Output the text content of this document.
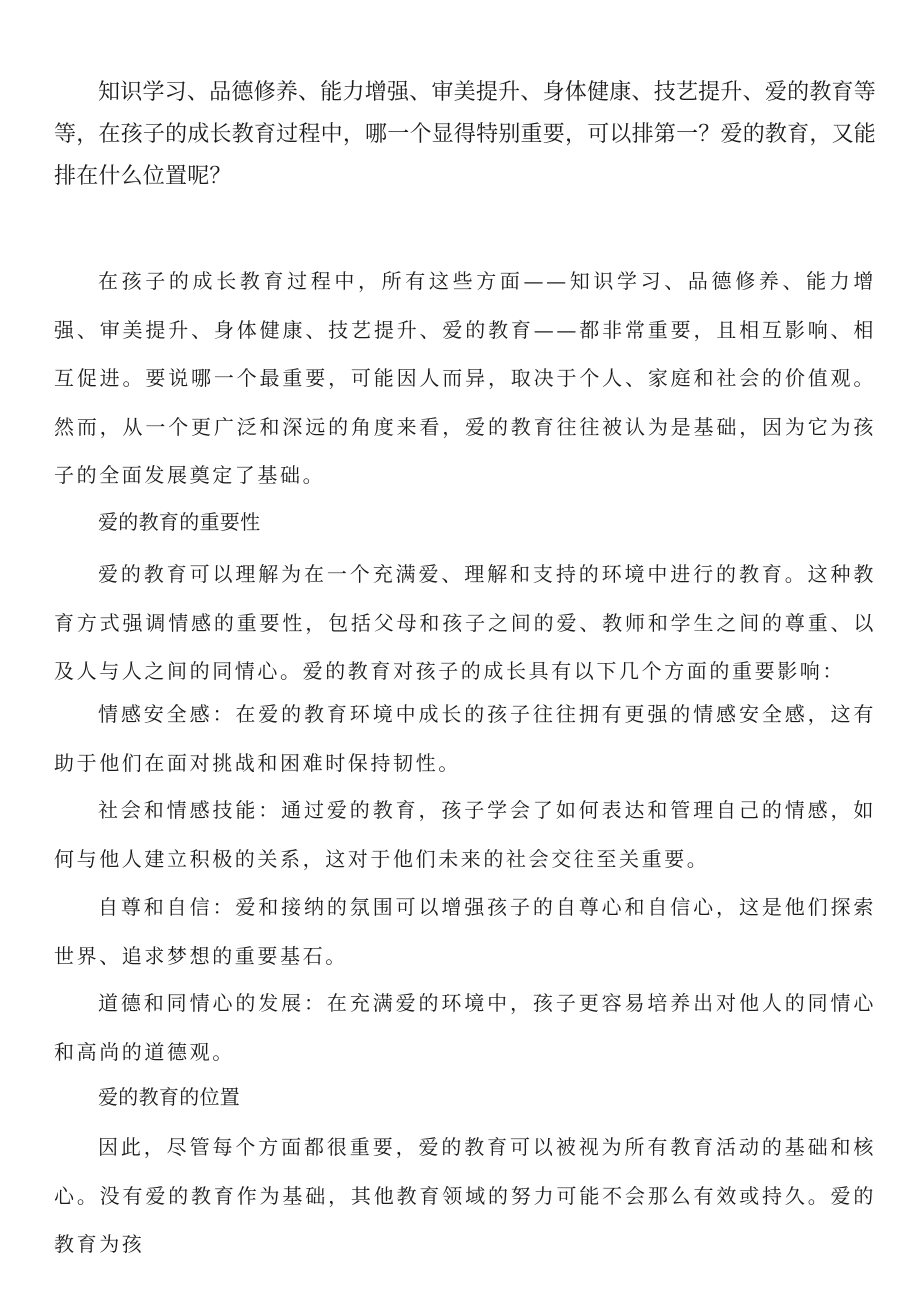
知识学习、品德修养、能力增强、审美提升、身体健康、技艺提升、爱的教育等等，在孩子的成长教育过程中，哪一个显得特别重要，可以排第一？爱的教育，又能排在什么位置呢？

在孩子的成长教育过程中，所有这些方面——知识学习、品德修养、能力增强、审美提升、身体健康、技艺提升、爱的教育——都非常重要，且相互影响、相互促进。要说哪一个最重要，可能因人而异，取决于个人、家庭和社会的价值观。然而，从一个更广泛和深远的角度来看，爱的教育往往被认为是基础，因为它为孩子的全面发展奠定了基础。

爱的教育的重要性

爱的教育可以理解为在一个充满爱、理解和支持的环境中进行的教育。这种教育方式强调情感的重要性，包括父母和孩子之间的爱、教师和学生之间的尊重、以及人与人之间的同情心。爱的教育对孩子的成长具有以下几个方面的重要影响：

情感安全感：在爱的教育环境中成长的孩子往往拥有更强的情感安全感，这有助于他们在面对挑战和困难时保持韧性。

社会和情感技能：通过爱的教育，孩子学会了如何表达和管理自己的情感，如何与他人建立积极的关系，这对于他们未来的社会交往至关重要。

自尊和自信：爱和接纳的氛围可以增强孩子的自尊心和自信心，这是他们探索世界、追求梦想的重要基石。

道德和同情心的发展：在充满爱的环境中，孩子更容易培养出对他人的同情心和高尚的道德观。

爱的教育的位置

因此，尽管每个方面都很重要，爱的教育可以被视为所有教育活动的基础和核心。没有爱的教育作为基础，其他教育领域的努力可能不会那么有效或持久。爱的教育为孩
